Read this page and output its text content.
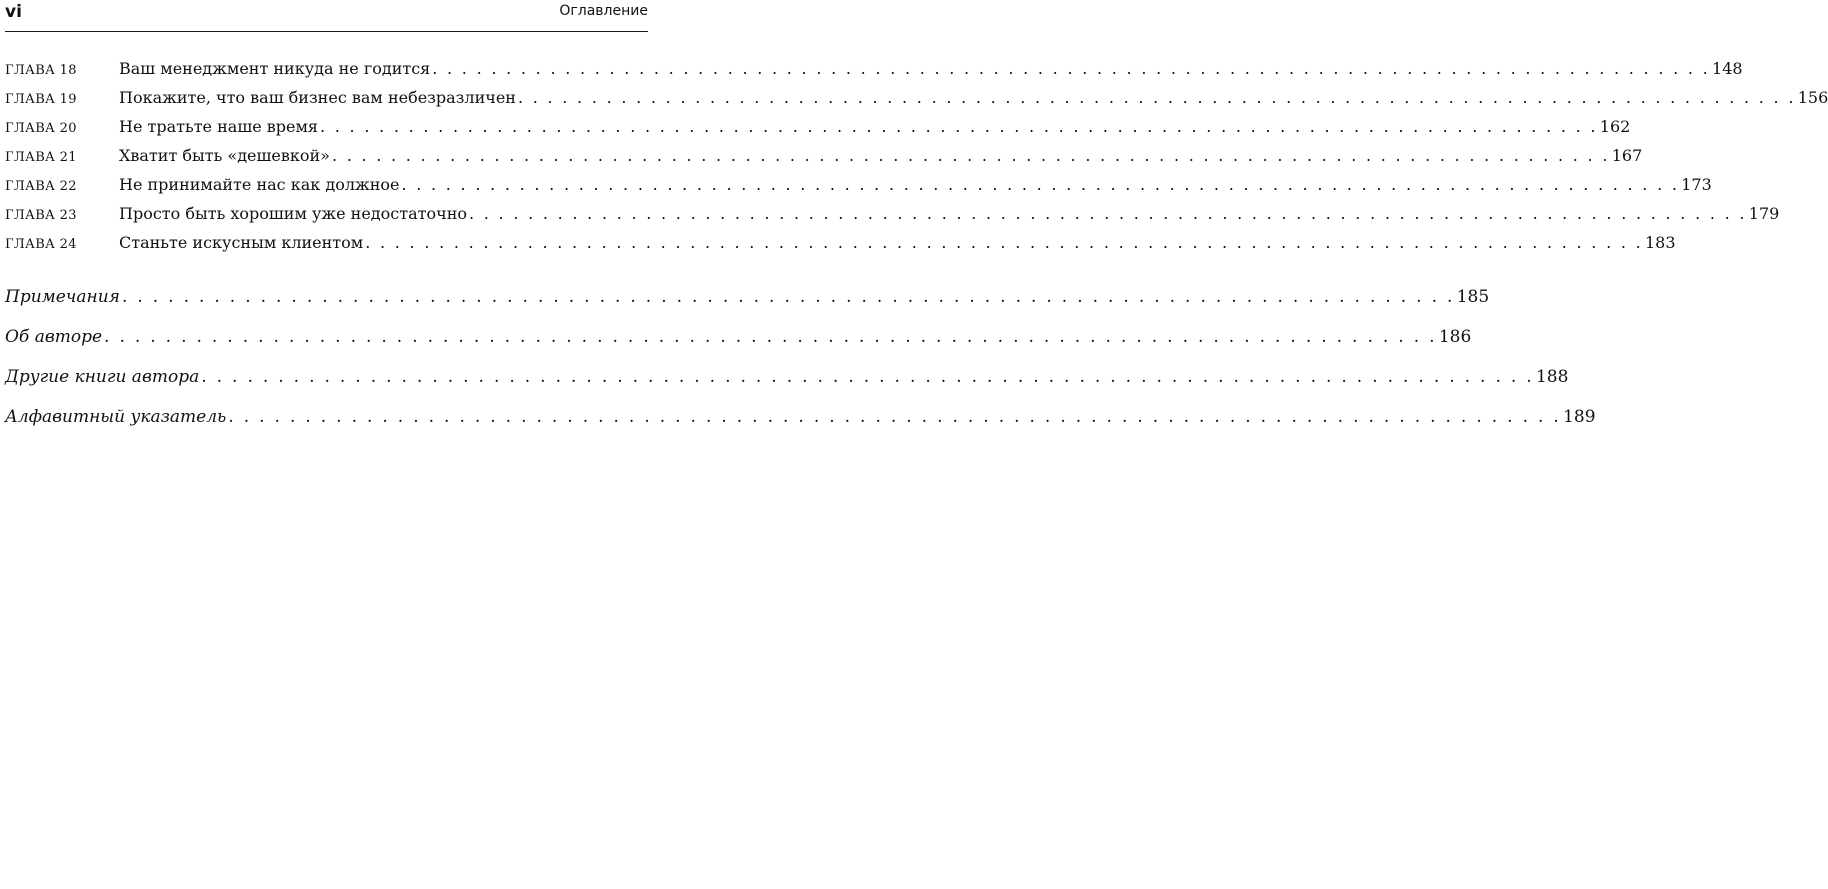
vi	Оглавление
ГЛАВА 18	Ваш менеджмент никуда не годится . . .	148
ГЛАВА 19	Покажите, что ваш бизнес вам небезразличен . . .	156
ГЛАВА 20	Не тратьте наше время . . .	162
ГЛАВА 21	Хватит быть «дешевкой» . . .	167
ГЛАВА 22	Не принимайте нас как должное . . .	173
ГЛАВА 23	Просто быть хорошим уже недостаточно . . .	179
ГЛАВА 24	Станьте искусным клиентом . . .	183
Примечания . . .	185
Об авторе . . .	186
Другие книги автора . . .	188
Алфавитный указатель . . .	189
